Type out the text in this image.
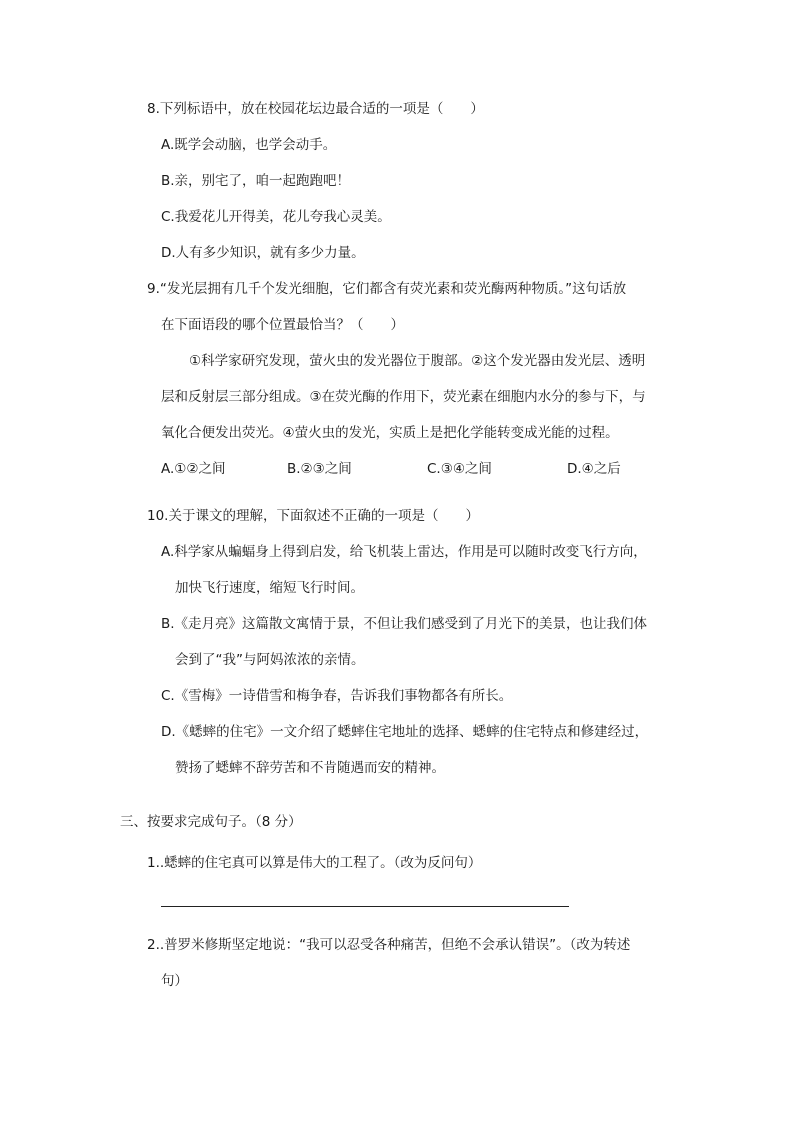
8.下列标语中，放在校园花坛边最合适的一项是（　　）
A.既学会动脑，也学会动手。
B.亲，别宅了，咱一起跑跑吧！
C.我爱花儿开得美，花儿夸我心灵美。
D.人有多少知识，就有多少力量。
9.“发光层拥有几千个发光细胞，它们都含有荧光素和荧光酶两种物质。”这句话放
在下面语段的哪个位置最恰当？（　　）
①科学家研究发现，萤火虫的发光器位于腹部。②这个发光器由发光层、透明
层和反射层三部分组成。③在荧光酶的作用下，荧光素在细胞内水分的参与下，与
氧化合便发出荧光。④萤火虫的发光，实质上是把化学能转变成光能的过程。
A.①②之间	B.②③之间	C.③④之间	D.④之后
10.关于课文的理解，下面叙述不正确的一项是（　　）
A.科学家从蝙蝠身上得到启发，给飞机装上雷达，作用是可以随时改变飞行方向，
加快飞行速度，缩短飞行时间。
B.《走月亮》这篇散文寓情于景，不但让我们感受到了月光下的美景，也让我们体
会到了“我”与阿妈浓浓的亲情。
C.《雪梅》一诗借雪和梅争春，告诉我们事物都各有所长。
D.《蟋蟀的住宅》一文介绍了蟋蟀住宅地址的选择、蟋蟀的住宅特点和修建经过，
赞扬了蟋蟀不辞劳苦和不肯随遇而安的精神。
三、按要求完成句子。（8 分）
1..蟋蟀的住宅真可以算是伟大的工程了。（改为反问句）
2..普罗米修斯坚定地说：“我可以忍受各种痛苦，但绝不会承认错误”。（改为转述
句）
